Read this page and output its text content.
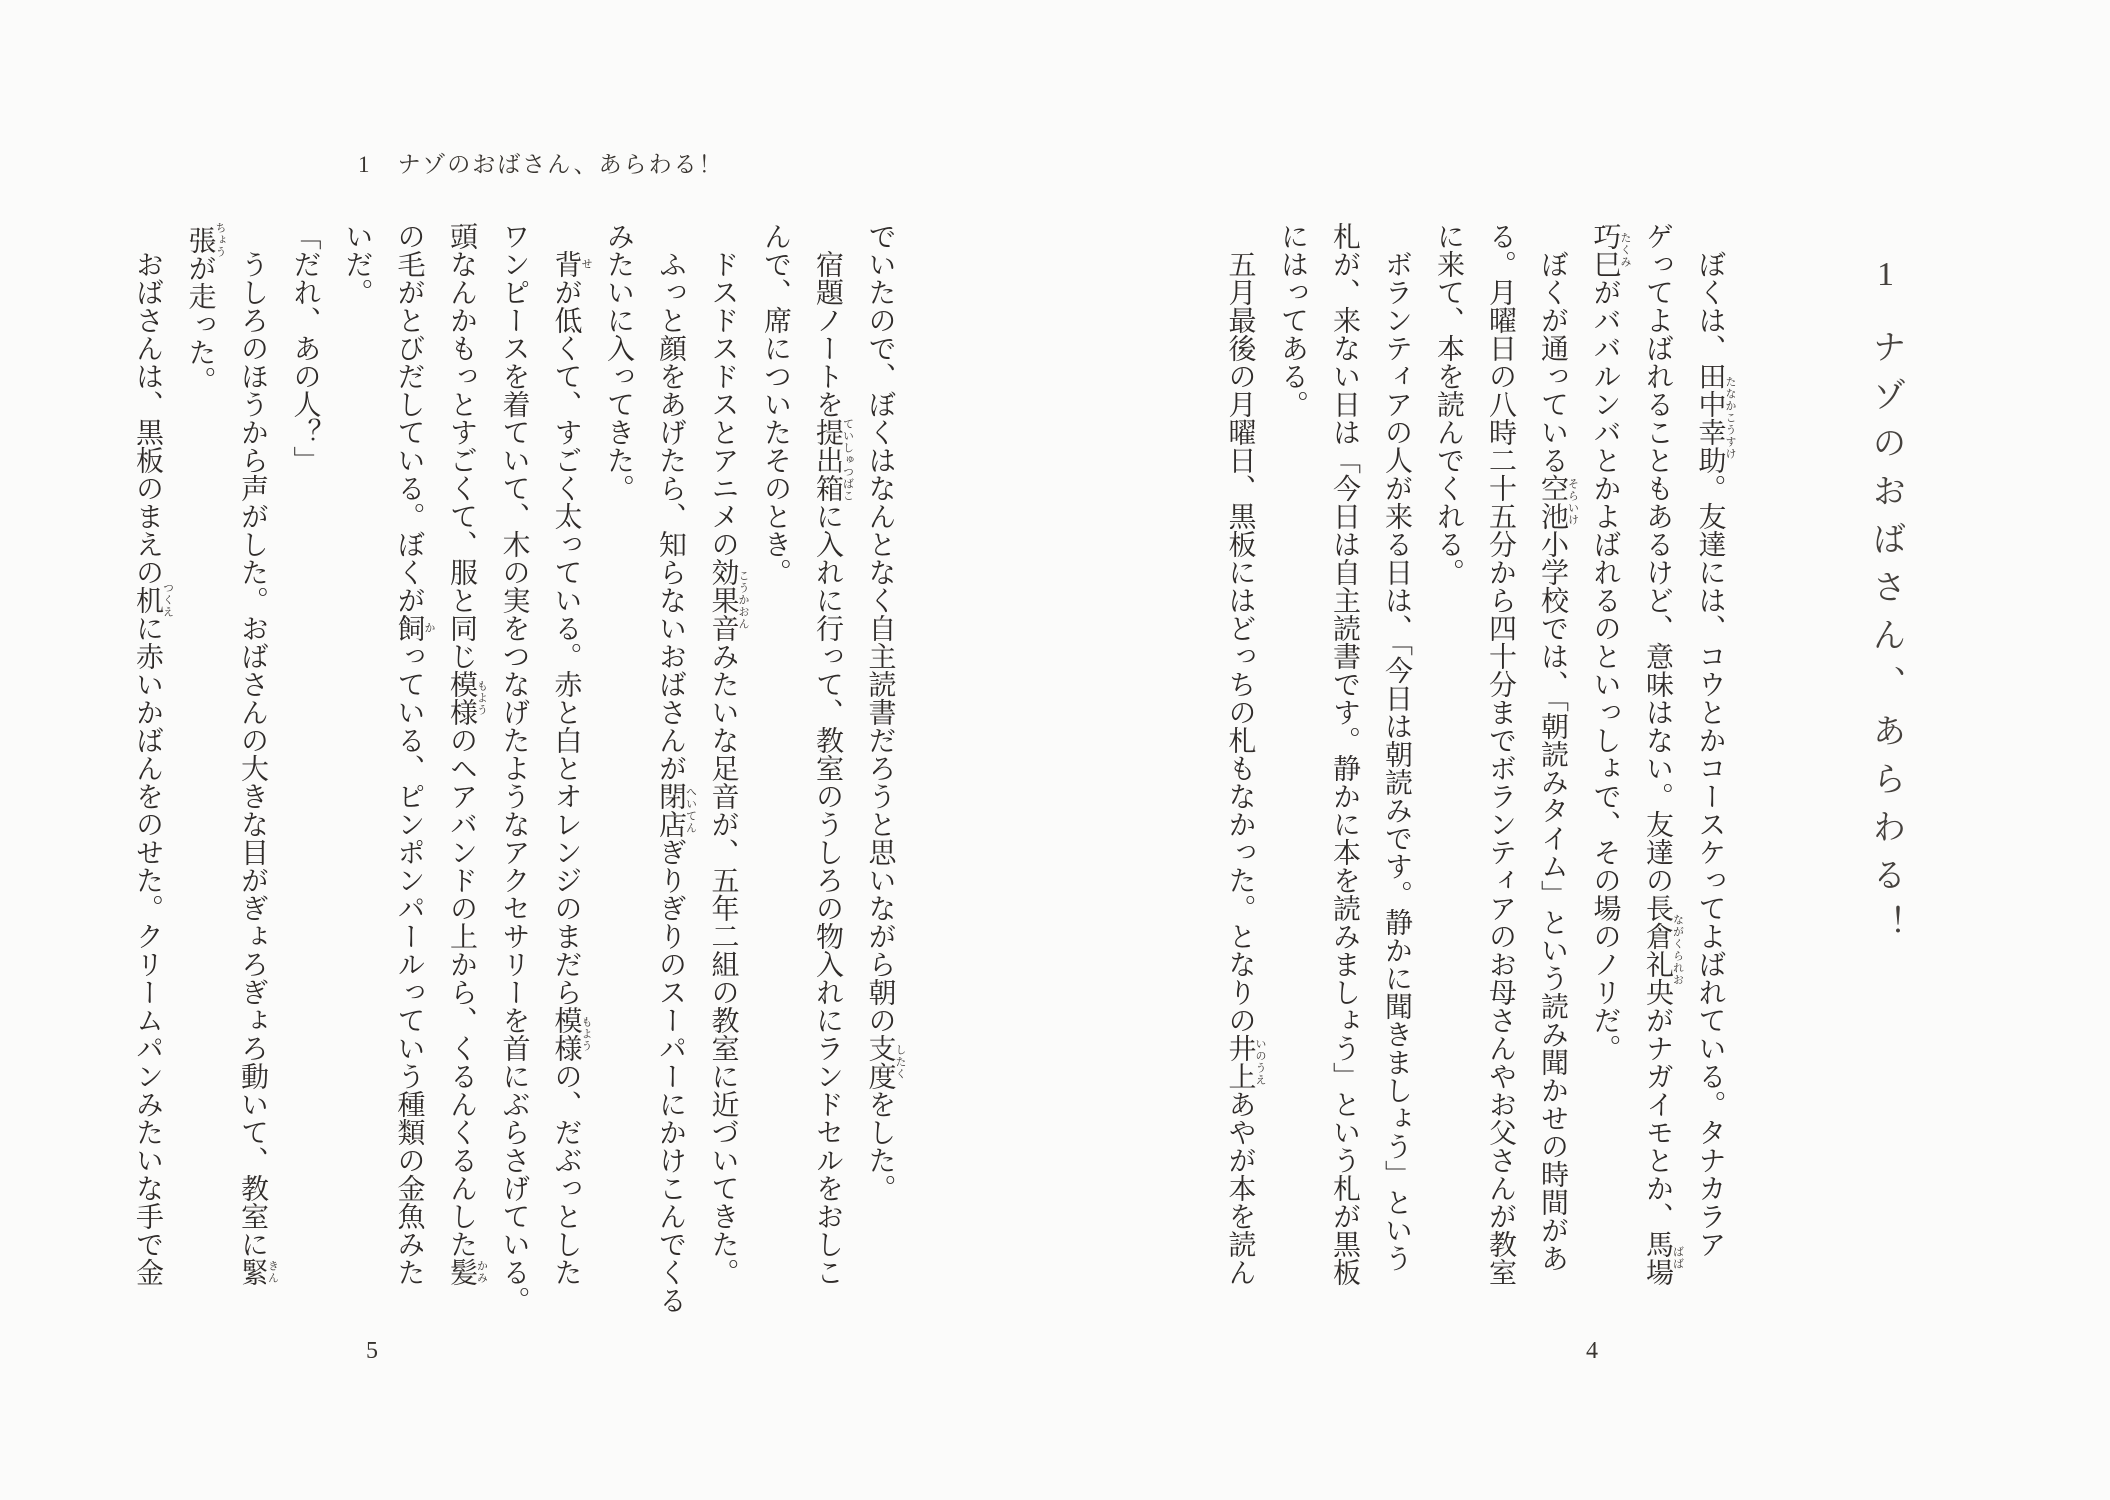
1ナゾのおばさん、あらわる！
ぼくは、田中幸助たなかこうすけ。友達には、コウとかコースケってよばれている。タナカラア
ゲってよばれることもあるけど、意味はない。友達の長倉礼央ながくられおがナガイモとか、馬場ばば
巧巳たくみがババルンバとかよばれるのといっしょで、その場のノリだ。
ぼくが通っている空池そらいけ小学校では、「朝読みタイム」という読み聞かせの時間があ
る。月曜日の八時二十五分から四十分までボランティアのお母さんやお父さんが教室
に来て、本を読んでくれる。
ボランティアの人が来る日は、「今日は朝読みです。静かに聞きましょう」という
札が、来ない日は「今日は自主読書です。静かに本を読みましょう」という札が黒板
にはってある。
五月最後の月曜日、黒板にはどっちの札もなかった。となりの井上いのうえあやが本を読ん
4
1 ナゾのおばさん、あらわる！
でいたので、ぼくはなんとなく自主読書だろうと思いながら朝の支度したくをした。
宿題ノートを提出箱ていしゅつばこに入れに行って、教室のうしろの物入れにランドセルをおしこ
んで、席についたそのとき。
ドスドスドスとアニメの効果音こうかおんみたいな足音が、五年二組の教室に近づいてきた。
ふっと顔をあげたら、知らないおばさんが閉店へいてんぎりぎりのスーパーにかけこんでくる
みたいに入ってきた。
背せが低くて、すごく太っている。赤と白とオレンジのまだら模様もようの、だぶっとした
ワンピースを着ていて、木の実をつなげたようなアクセサリーを首にぶらさげている。
頭なんかもっとすごくて、服と同じ模様もようのヘアバンドの上から、くるんくるんした髪かみ
の毛がとびだしている。ぼくが飼かっている、ピンポンパールっていう種類の金魚みた
いだ。
「だれ、あの人？」
うしろのほうから声がした。おばさんの大きな目がぎょろぎょろ動いて、教室に緊きん
張ちょうが走った。
おばさんは、黒板のまえの机つくえに赤いかばんをのせた。クリームパンみたいな手で金
5
